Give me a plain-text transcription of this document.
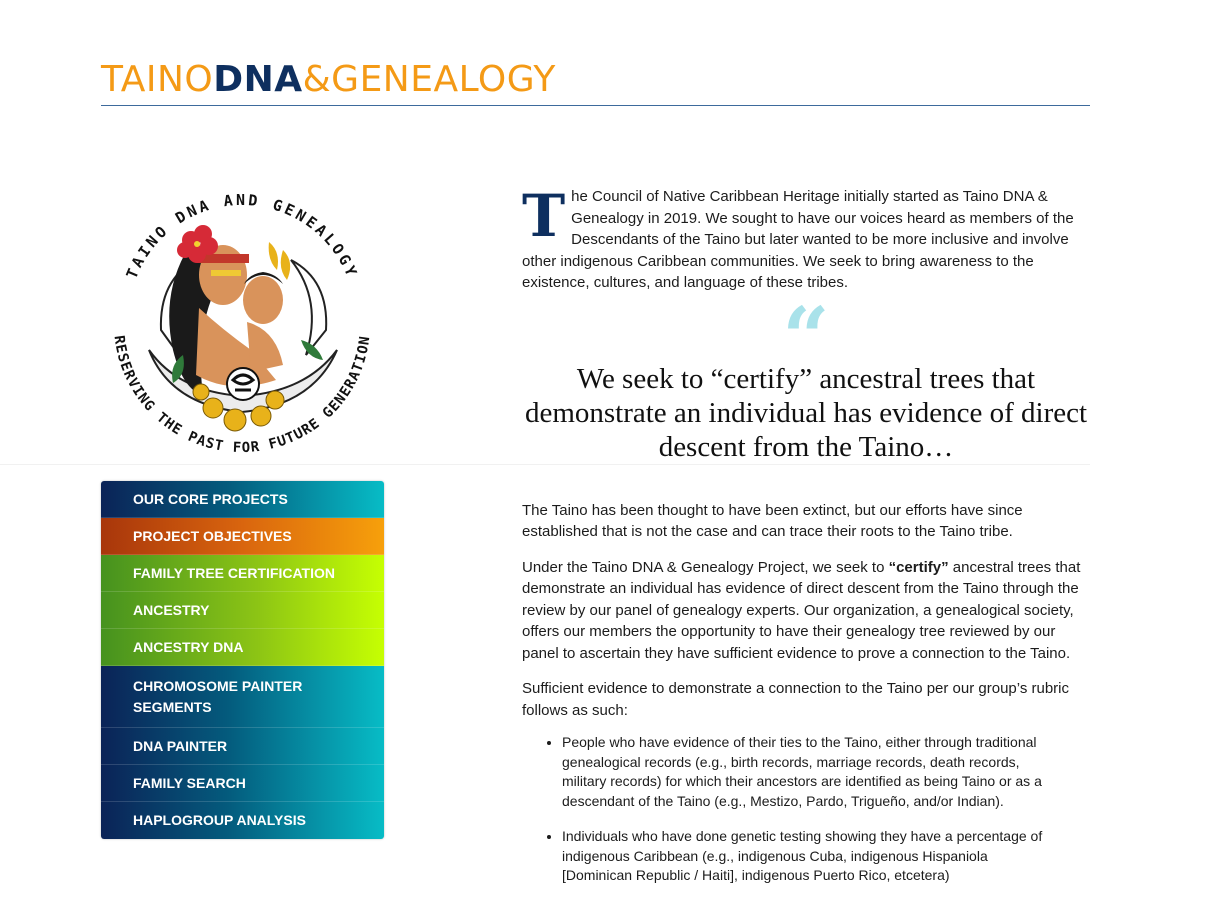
TAINODNA&GENEALOGY
TAINO DNA AND GENEALOGY
RESERVING THE PAST FOR FUTURE GENERATION
OUR CORE PROJECTS
PROJECT OBJECTIVES
FAMILY TREE CERTIFICATION
ANCESTRY
ANCESTRY DNA
CHROMOSOME PAINTER SEGMENTS
DNA PAINTER
FAMILY SEARCH
HAPLOGROUP ANALYSIS

The Council of Native Caribbean Heritage initially started as Taino DNA & Genealogy in 2019. We sought to have our voices heard as members of the Descendants of the Taino but later wanted to be more inclusive and involve other indigenous Caribbean communities. We seek to bring awareness to the existence, cultures, and language of these tribes.

“
We seek to “certify” ancestral trees that demonstrate an individual has evidence of direct descent from the Taino…

The Taino has been thought to have been extinct, but our efforts have since established that is not the case and can trace their roots to the Taino tribe.

Under the Taino DNA & Genealogy Project, we seek to “certify” ancestral trees that demonstrate an individual has evidence of direct descent from the Taino through the review by our panel of genealogy experts. Our organization, a genealogical society, offers our members the opportunity to have their genealogy tree reviewed by our panel to ascertain they have sufficient evidence to prove a connection to the Taino.

Sufficient evidence to demonstrate a connection to the Taino per our group’s rubric follows as such:

• People who have evidence of their ties to the Taino, either through traditional genealogical records (e.g., birth records, marriage records, death records, military records) for which their ancestors are identified as being Taino or as a descendant of the Taino (e.g., Mestizo, Pardo, Trigueño, and/or Indian).
• Individuals who have done genetic testing showing they have a percentage of indigenous Caribbean (e.g., indigenous Cuba, indigenous Hispaniola [Dominican Republic / Haiti], indigenous Puerto Rico, etcetera)
